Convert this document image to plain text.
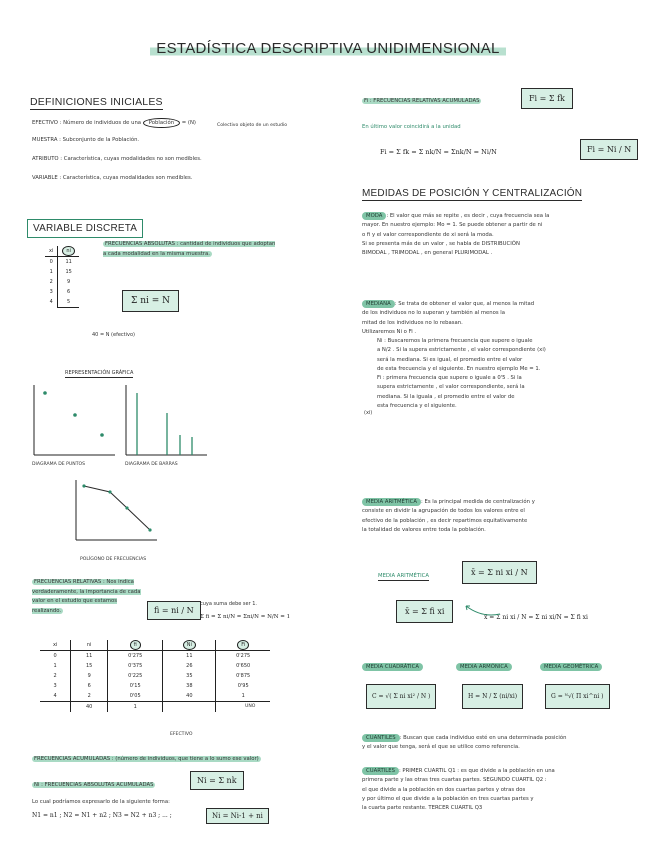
ESTADÍSTICA DESCRIPTIVA UNIDIMENSIONAL
DEFINICIONES INICIALES
EFECTIVO : Número de individuos de una Población = (N)	Colectivo objeto de un estudio
MUESTRA : Subconjunto de la Población.
ATRIBUTO : Característica, cuyas modalidades no son medibles.
VARIABLE : Característica, cuyas modalidades son medibles.
VARIABLE DISCRETA
xi	ni
0	11
1	15
2	9
3	6
4	5
40 = N (efectivo)
FRECUENCIAS ABSOLUTAS : cantidad de individuos que adoptan a cada modalidad en la misma muestra.
Σ ni = N
REPRESENTACIÓN GRÁFICA
DIAGRAMA DE PUNTOS	DIAGRAMA DE BARRAS
POLÍGONO DE FRECUENCIAS
FRECUENCIAS RELATIVAS : Nos indica verdaderamente, la importancia de cada valor en el estudio que estamos realizando.	fi = ni / N
cuya suma debe ser 1.
Σ fi = Σ ni/N = Σni/N = N/N = 1
xi	ni	fi	Ni	Fi
0	11	0'275	11	0'275
1	15	0'375	26	0'650
2	9	0'225	35	0'875
3	6	0'15	38	0'95
4	2	0'05	40	1
	40	1		
EFECTIVO
UNO
FRECUENCIAS ACUMULADAS : (número de individuos, que tiene a lo sumo ese valor)
Ni : FRECUENCIAS ABSOLUTAS ACUMULADAS	Ni = Σ nk
Lo cual podríamos expresarlo de la siguiente forma:
N1 = n1 ; N2 = N1 + n2 ; N3 = N2 + n3 ; ... ;	Ni = Ni-1 + ni
Fi : FRECUENCIAS RELATIVAS ACUMULADAS	Fi = Σ fk
En último valor coincidirá a la unidad
Fi = Σ fk = Σ nk/N = Σnk/N = Ni/N	Fi = Ni / N
MEDIDAS DE POSICIÓN Y CENTRALIZACIÓN
MODA : El valor que más se repite , es decir , cuya frecuencia sea la
mayor. En nuestro ejemplo: Mo = 1. Se puede obtener a partir de ni
o fi y el valor correspondiente de xi será la moda.
Si se presenta más de un valor , se habla de DISTRIBUCIÓN
BIMODAL , TRIMODAL , en general PLURIMODAL .
MEDIANA : Se trata de obtener el valor que, al menos la mitad
de los individuos no lo superan y también al menos la
mitad de los individuos no lo rebasan.
Utilizaremos Ni o Fi .
Ni : Buscaremos la primera frecuencia que supere o iguale
a N/2 . Si la supera estrictamente , el valor correspondiente (xi)
será la mediana. Si es igual, el promedio entre el valor
de esta frecuencia y el siguiente. En nuestro ejemplo Me = 1.
Fi : primera frecuencia que supere o iguale a 0'5 . Si la
supera estrictamente , el valor correspondiente, será la
mediana. Si la iguala , el promedio entre el valor de
esta frecuencia y el siguiente.
(xi)
MEDIA ARITMÉTICA : Es la principal medida de centralización y
consiste en dividir la agrupación de todos los valores entre el
efectivo de la población , es decir repartimos equitativamente
la totalidad de valores entre toda la población.
MEDIA ARITMÉTICA	x̄ = Σ ni xi / N
x̄ = Σ fi xi
x̄ = Σ ni xi / N = Σ ni xi/N = Σ fi xi
MEDIA CUADRÁTICA	MEDIA ARMÓNICA	MEDIA GEOMÉTRICA
C = √( Σ ni xi² / N )	H = N / Σ (ni/xi)	G = ᴺ√( Π xi^ni )
CUANTILES : Buscan que cada individuo esté en una determinada posición
y el valor que tenga, será el que se utilice como referencia.
CUARTILES : PRIMER CUARTIL Q1 : es que divide a la población en una
primera parte y las otras tres cuartas partes. SEGUNDO CUARTIL Q2 :
el que divide a la población en dos cuartas partes y otras dos
y por último el que divide a la población en tres cuartas partes y
la cuarta parte restante. TERCER CUARTIL Q3
